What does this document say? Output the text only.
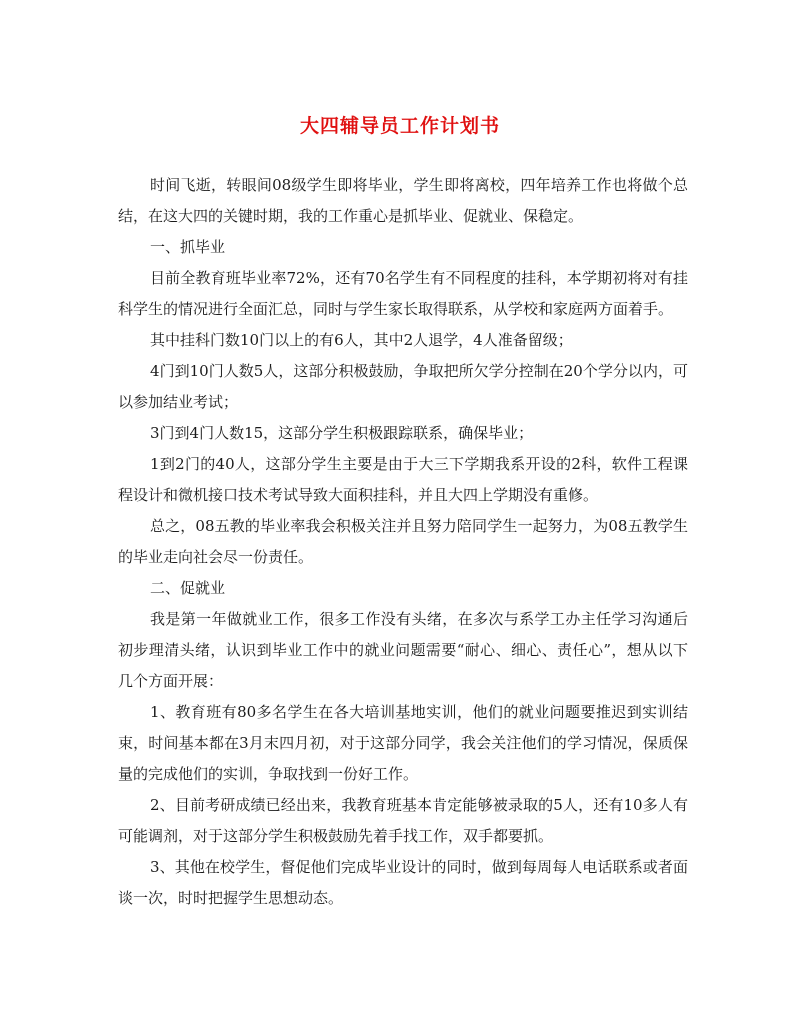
大四辅导员工作计划书

时间飞逝，转眼间08级学生即将毕业，学生即将离校，四年培养工作也将做个总结，在这大四的关键时期，我的工作重心是抓毕业、促就业、保稳定。

一、抓毕业

目前全教育班毕业率72%，还有70名学生有不同程度的挂科，本学期初将对有挂科学生的情况进行全面汇总，同时与学生家长取得联系，从学校和家庭两方面着手。

其中挂科门数10门以上的有6人，其中2人退学，4人准备留级；

4门到10门人数5人，这部分积极鼓励，争取把所欠学分控制在20个学分以内，可以参加结业考试；

3门到4门人数15，这部分学生积极跟踪联系，确保毕业；

1到2门的40人，这部分学生主要是由于大三下学期我系开设的2科，软件工程课程设计和微机接口技术考试导致大面积挂科，并且大四上学期没有重修。

总之，08五教的毕业率我会积极关注并且努力陪同学生一起努力，为08五教学生的毕业走向社会尽一份责任。

二、促就业

我是第一年做就业工作，很多工作没有头绪，在多次与系学工办主任学习沟通后初步理清头绪，认识到毕业工作中的就业问题需要“耐心、细心、责任心”，想从以下几个方面开展：

1、教育班有80多名学生在各大培训基地实训，他们的就业问题要推迟到实训结束，时间基本都在3月末四月初，对于这部分同学，我会关注他们的学习情况，保质保量的完成他们的实训，争取找到一份好工作。

2、目前考研成绩已经出来，我教育班基本肯定能够被录取的5人，还有10多人有可能调剂，对于这部分学生积极鼓励先着手找工作，双手都要抓。

3、其他在校学生，督促他们完成毕业设计的同时，做到每周每人电话联系或者面谈一次，时时把握学生思想动态。
